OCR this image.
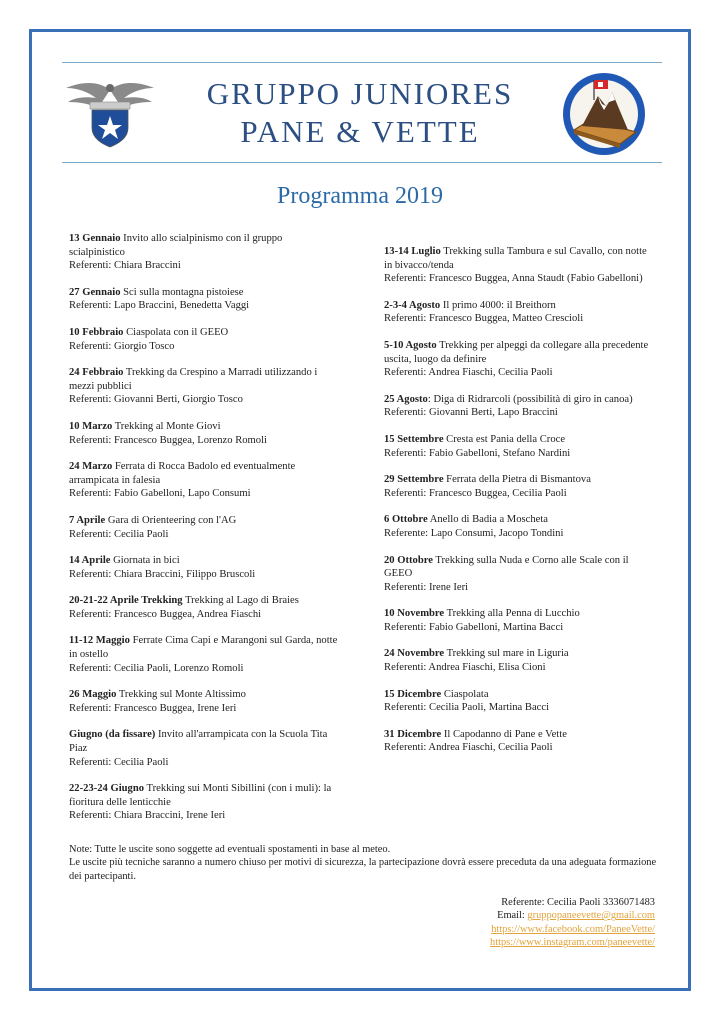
GRUPPO JUNIORES
PANE & VETTE
Programma 2019
13 Gennaio Invito allo scialpinismo con il gruppo scialpinistico
Referenti: Chiara Braccini
27 Gennaio Sci sulla montagna pistoiese
Referenti: Lapo Braccini, Benedetta Vaggi
10 Febbraio Ciaspolata con il GEEO
Referenti: Giorgio Tosco
24 Febbraio Trekking da Crespino a Marradi utilizzando i mezzi pubblici
Referenti: Giovanni Berti, Giorgio Tosco
10 Marzo Trekking al Monte Giovi
Referenti: Francesco Buggea, Lorenzo Romoli
24 Marzo Ferrata di Rocca Badolo ed eventualmente arrampicata in falesia
Referenti: Fabio Gabelloni, Lapo Consumi
7 Aprile Gara di Orienteering con l'AG
Referenti: Cecilia Paoli
14 Aprile Giornata in bici
Referenti: Chiara Braccini, Filippo Bruscoli
20-21-22 Aprile Trekking Trekking al Lago di Braies
Referenti: Francesco Buggea, Andrea Fiaschi
11-12 Maggio Ferrate Cima Capi e Marangoni sul Garda, notte in ostello
Referenti: Cecilia Paoli, Lorenzo Romoli
26 Maggio Trekking sul Monte Altissimo
Referenti: Francesco Buggea, Irene Ieri
Giugno (da fissare) Invito all'arrampicata con la Scuola Tita Piaz
Referenti: Cecilia Paoli
22-23-24 Giugno Trekking sui Monti Sibillini (con i muli): la fioritura delle lenticchie
Referenti: Chiara Braccini, Irene Ieri
13-14 Luglio Trekking sulla Tambura e sul Cavallo, con notte in bivacco/tenda
Referenti: Francesco Buggea, Anna Staudt (Fabio Gabelloni)
2-3-4 Agosto Il primo 4000: il Breithorn
Referenti: Francesco Buggea, Matteo Crescioli
5-10 Agosto Trekking per alpeggi da collegare alla precedente uscita, luogo da definire
Referenti: Andrea Fiaschi, Cecilia Paoli
25 Agosto: Diga di Ridrarcoli (possibilità di giro in canoa)
Referenti: Giovanni Berti, Lapo Braccini
15 Settembre Cresta est Pania della Croce
Referenti: Fabio Gabelloni, Stefano Nardini
29 Settembre Ferrata della Pietra di Bismantova
Referenti: Francesco Buggea, Cecilia Paoli
6 Ottobre Anello di Badia a Moscheta
Referente: Lapo Consumi, Jacopo Tondini
20 Ottobre Trekking sulla Nuda e Corno alle Scale con il GEEO
Referenti: Irene Ieri
10 Novembre Trekking alla Penna di Lucchio
Referenti: Fabio Gabelloni, Martina Bacci
24 Novembre Trekking sul mare in Liguria
Referenti: Andrea Fiaschi, Elisa Cioni
15 Dicembre Ciaspolata
Referenti: Cecilia Paoli, Martina Bacci
31 Dicembre Il Capodanno di Pane e Vette
Referenti: Andrea Fiaschi, Cecilia Paoli
Note: Tutte le uscite sono soggette ad eventuali spostamenti in base al meteo.
Le uscite più tecniche saranno a numero chiuso per motivi di sicurezza, la partecipazione dovrà essere preceduta da una adeguata formazione dei partecipanti.
Referente: Cecilia Paoli 3336071483
Email: gruppopaneevette@gmail.com
https://www.facebook.com/PaneeVette/
https://www.instagram.com/paneevette/
